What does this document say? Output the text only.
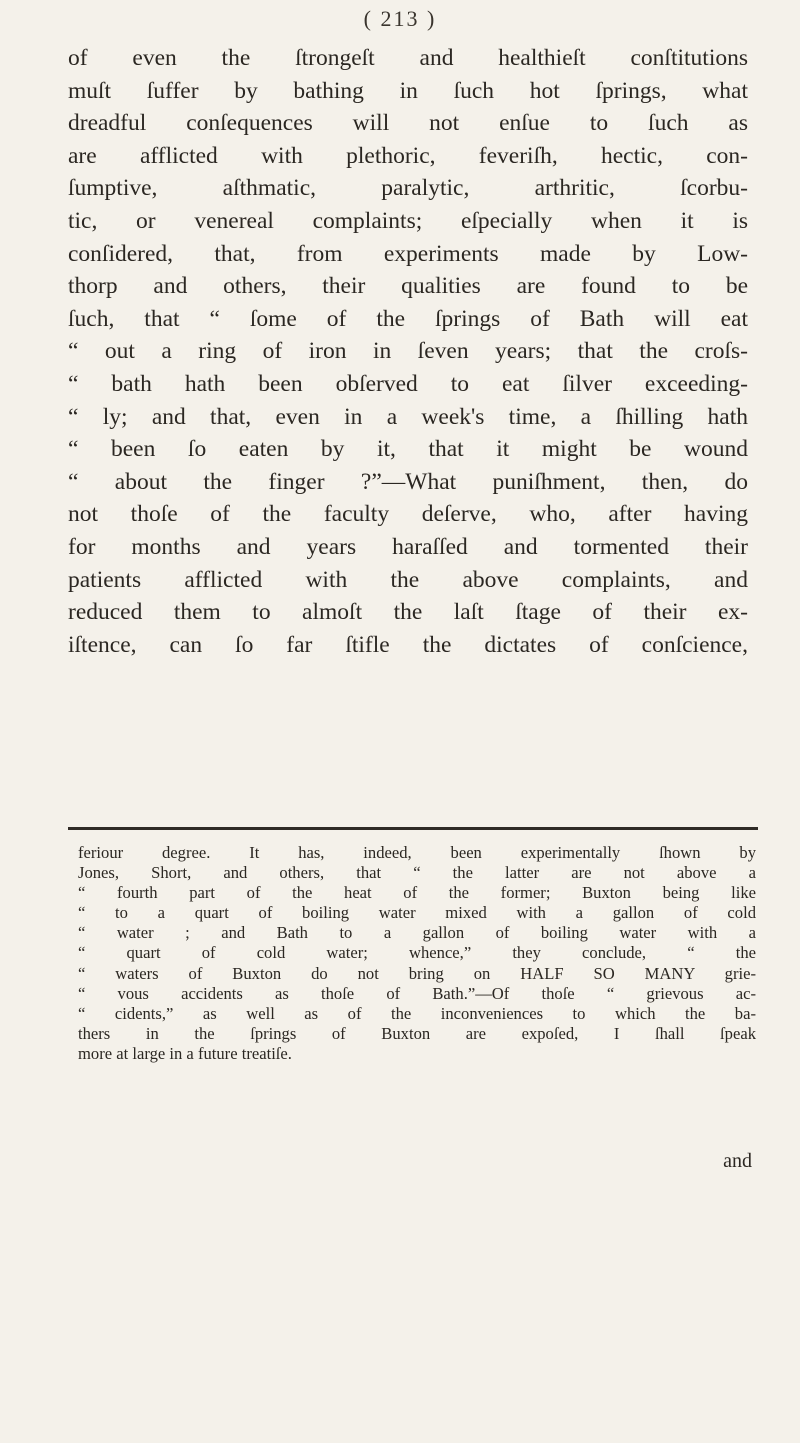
( 213 )
of even the ſtrongeſt and healthieſt conſtitutions
muſt ſuffer by bathing in ſuch hot ſprings, what
dreadful conſequences will not enſue to ſuch as
are afflicted with plethoric, feveriſh, hectic, con-
ſumptive, aſthmatic, paralytic, arthritic, ſcorbu-
tic, or venereal complaints; eſpecially when it is
conſidered, that, from experiments made by Low-
thorp and others, their qualities are found to be
ſuch, that “ ſome of the ſprings of Bath will eat
“ out a ring of iron in ſeven years; that the croſs-
“ bath hath been obſerved to eat ſilver exceeding-
“ ly; and that, even in a week's time, a ſhilling hath
“ been ſo eaten by it, that it might be wound
“ about the finger ?”—What puniſhment, then, do
not thoſe of the faculty deſerve, who, after having
for months and years haraſſed and tormented their
patients afflicted with the above complaints, and
reduced them to almoſt the laſt ſtage of their ex-
iſtence, can ſo far ſtifle the dictates of conſcience,
feriour degree. It has, indeed, been experimentally ſhown by
Jones, Short, and others, that “ the latter are not above a
“ fourth part of the heat of the former; Buxton being like
“ to a quart of boiling water mixed with a gallon of cold
“ water ; and Bath to a gallon of boiling water with a
“ quart of cold water; whence,” they conclude, “ the
“ waters of Buxton do not bring on HALF SO MANY grie-
“ vous accidents as thoſe of Bath.”—Of thoſe “ grievous ac-
“ cidents,” as well as of the inconveniences to which the ba-
thers in the ſprings of Buxton are expoſed, I ſhall ſpeak
more at large in a future treatiſe.
and
